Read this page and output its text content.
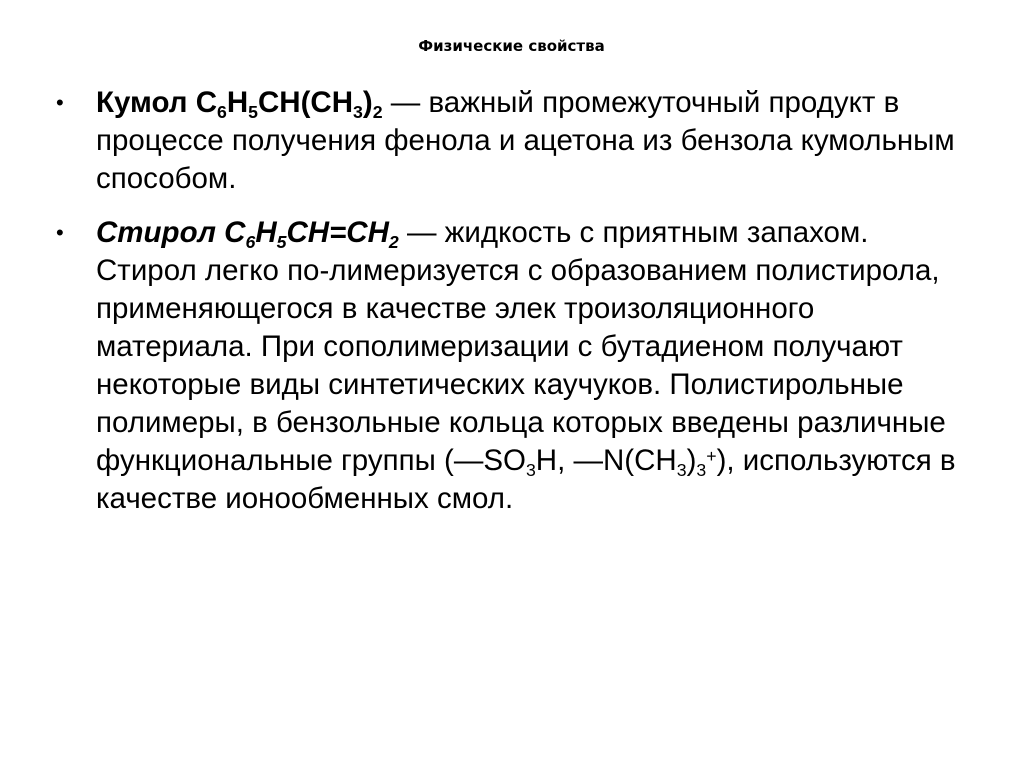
Физические свойства
•	Кумол $C_6H_5CH(CH_3)_2$ — важный промежуточный продукт в процессе получения фенола и ацетона из бензола кумольным способом.
•	Стирол $C_6H_5CH=CH_2$ — жидкость с приятным запахом. Стирол легко по-лимеризуется с образованием полистирола, применяющегося в качестве элек троизоляционного материала. При сополимеризации с бутадиеном получают некоторые виды синтетических каучуков. Полистирольные полимеры, в бензольные кольца которых введены различные функциональные группы ($—SO_3H$, $—N(CH_3)_3^+$), используются в качестве ионообменных смол.
